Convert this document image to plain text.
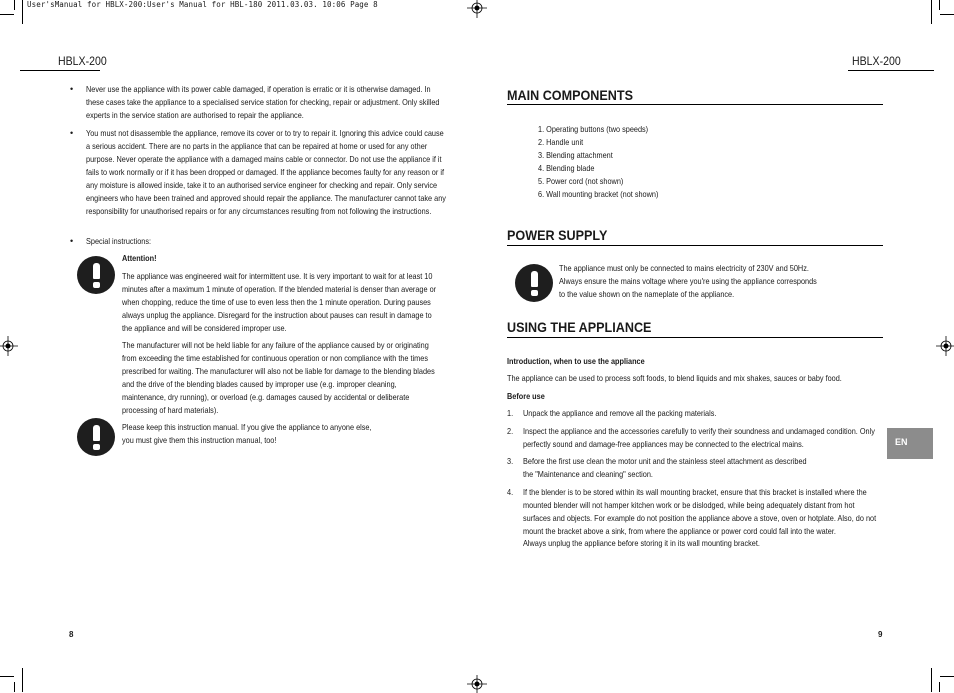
User'sManual for HBLX-200:User's Manual for HBL-180 2011.03.03. 10:06 Page 8
HBLX-200
• Never use the appliance with its power cable damaged, if operation is erratic or it is otherwise damaged. In these cases take the appliance to a specialised service station for checking, repair or adjustment. Only skilled experts in the service station are authorised to repair the appliance.
• You must not disassemble the appliance, remove its cover or to try to repair it. Ignoring this advice could cause a serious accident. There are no parts in the appliance that can be repaired at home or used for any other purpose. Never operate the appliance with a damaged mains cable or connector. Do not use the appliance if it fails to work normally or if it has been dropped or damaged. If the appliance becomes faulty for any reason or if any moisture is allowed inside, take it to an authorised service engineer for checking and repair. Only service engineers who have been trained and approved should repair the appliance. The manufacturer cannot take any responsibility for unauthorised repairs or for any circumstances resulting from not following the instructions.
• Special instructions:
Attention!
The appliance was engineered wait for intermittent use. It is very important to wait for at least 10 minutes after a maximum 1 minute of operation. If the blended material is denser than average or when chopping, reduce the time of use to even less then the 1 minute operation. During pauses always unplug the appliance. Disregard for the instruction about pauses can result in damage to the appliance and will be considered improper use.
The manufacturer will not be held liable for any failure of the appliance caused by or originating from exceeding the time established for continuous operation or non compliance with the times prescribed for waiting. The manufacturer will also not be liable for damage to the blending blades and the drive of the blending blades caused by improper use (e.g. improper cleaning, maintenance, dry running), or overload (e.g. damages caused by accidental or deliberate processing of hard materials).
Please keep this instruction manual. If you give the appliance to anyone else,
you must give them this instruction manual, too!
8
HBLX-200
MAIN COMPONENTS
1. Operating buttons (two speeds)
2. Handle unit
3. Blending attachment
4. Blending blade
5. Power cord (not shown)
6. Wall mounting bracket (not shown)
POWER SUPPLY
The appliance must only be connected to mains electricity of 230V and 50Hz.
Always ensure the mains voltage where you're using the appliance corresponds
to the value shown on the nameplate of the appliance.
USING THE APPLIANCE
Introduction, when to use the appliance
The appliance can be used to process soft foods, to blend liquids and mix shakes, sauces or baby food.
Before use
1. Unpack the appliance and remove all the packing materials.
2. Inspect the appliance and the accessories carefully to verify their soundness and undamaged condition. Only
perfectly sound and damage-free appliances may be connected to the electrical mains.
3. Before the first use clean the motor unit and the stainless steel attachment as described
the "Maintenance and cleaning" section.
4. If the blender is to be stored within its wall mounting bracket, ensure that this bracket is installed where the
mounted blender will not hamper kitchen work or be dislodged, while being adequately distant from hot
surfaces and objects. For example do not position the appliance above a stove, oven or hotplate. Also, do not
mount the bracket above a sink, from where the appliance or power cord could fall into the water.
Always unplug the appliance before storing it in its wall mounting bracket.
EN
9
